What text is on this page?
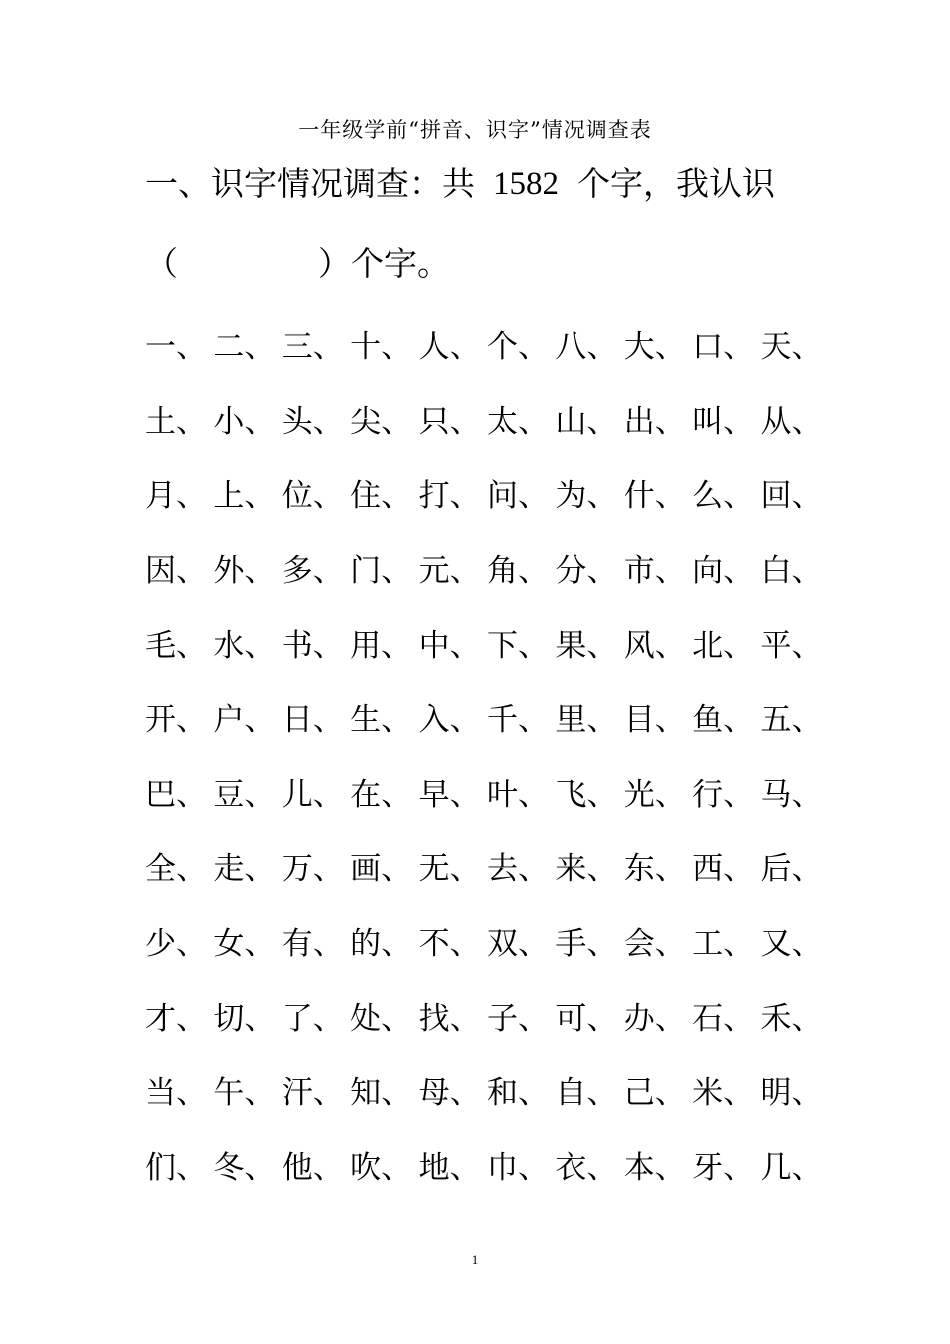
一年级学前“拼音、识字”情况调查表
一、识字情况调查：共 1582 个字，我认识
（	）个字。
一、 二、 三、 十、 人、 个、 八、 大、 口、 天、
土、 小、 头、 尖、 只、 太、 山、 出、 叫、 从、
月、 上、 位、 住、 打、 问、 为、 什、 么、 回、
因、 外、 多、 门、 元、 角、 分、 市、 向、 白、
毛、 水、 书、 用、 中、 下、 果、 风、 北、 平、
开、 户、 日、 生、 入、 千、 里、 目、 鱼、 五、
巴、 豆、 儿、 在、 早、 叶、 飞、 光、 行、 马、
全、 走、 万、 画、 无、 去、 来、 东、 西、 后、
少、 女、 有、 的、 不、 双、 手、 会、 工、 又、
才、 切、 了、 处、 找、 子、 可、 办、 石、 禾、
当、 午、 汗、 知、 母、 和、 自、 己、 米、 明、
们、 冬、 他、 吹、 地、 巾、 衣、 本、 牙、 几、
1
